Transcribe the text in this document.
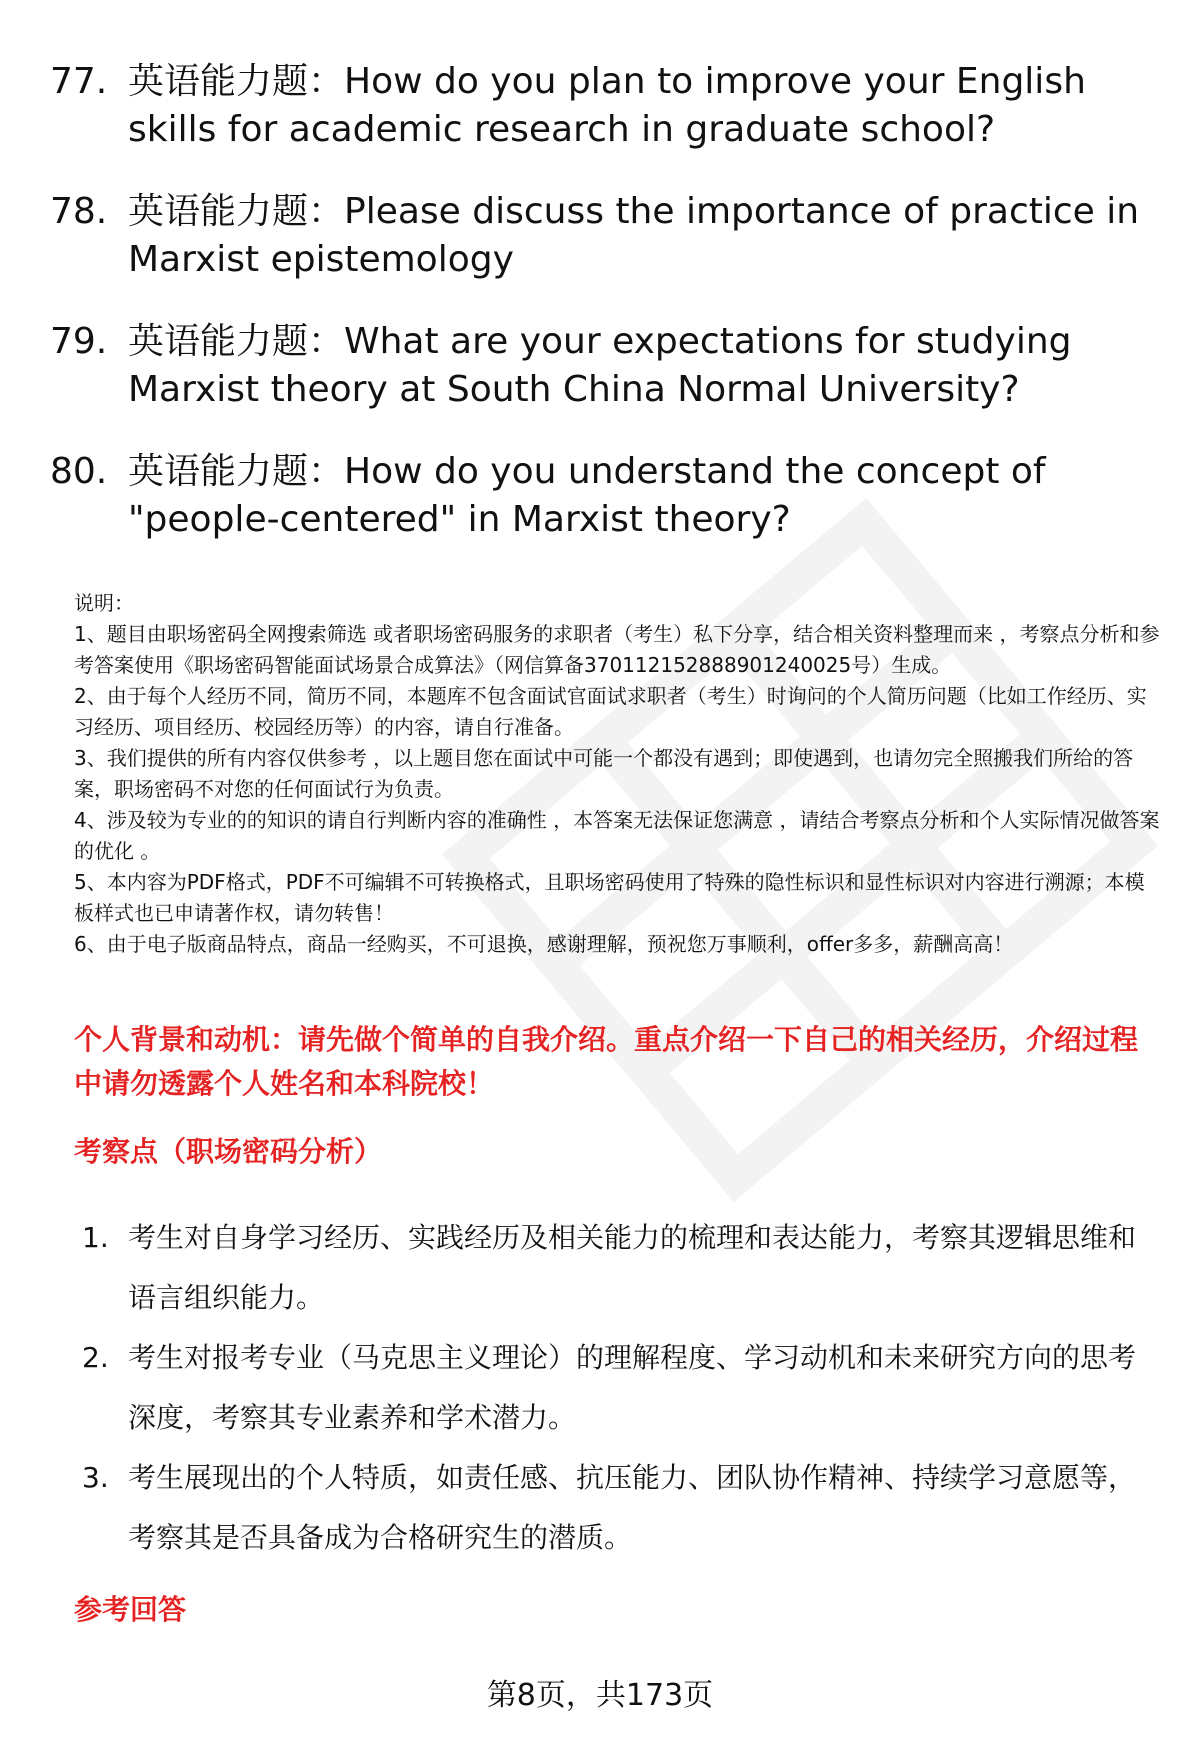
77. 英语能力题：How do you plan to improve your English skills for academic research in graduate school?
78. 英语能力题：Please discuss the importance of practice in Marxist epistemology
79. 英语能力题：What are your expectations for studying Marxist theory at South China Normal University?
80. 英语能力题：How do you understand the concept of "people-centered" in Marxist theory?
说明：
1、题目由职场密码全网搜索筛选 或者职场密码服务的求职者（考生）私下分享，结合相关资料整理而来 ，考察点分析和参考答案使用《职场密码智能面试场景合成算法》（网信算备370112152888901240025号）生成。
2、由于每个人经历不同，简历不同，本题库不包含面试官面试求职者（考生）时询问的个人简历问题（比如工作经历、实习经历、项目经历、校园经历等）的内容，请自行准备。
3、我们提供的所有内容仅供参考 ，以上题目您在面试中可能一个都没有遇到；即使遇到，也请勿完全照搬我们所给的答案，职场密码不对您的任何面试行为负责。
4、涉及较为专业的的知识的请自行判断内容的准确性 ，本答案无法保证您满意 ，请结合考察点分析和个人实际情况做答案的优化 。
5、本内容为PDF格式，PDF不可编辑不可转换格式，且职场密码使用了特殊的隐性标识和显性标识对内容进行溯源；本模板样式也已申请著作权，请勿转售！
6、由于电子版商品特点，商品一经购买，不可退换，感谢理解，预祝您万事顺利，offer多多，薪酬高高！
个人背景和动机：请先做个简单的自我介绍。重点介绍一下自己的相关经历，介绍过程中请勿透露个人姓名和本科院校！
考察点（职场密码分析）
1. 考生对自身学习经历、实践经历及相关能力的梳理和表达能力，考察其逻辑思维和语言组织能力。
2. 考生对报考专业（马克思主义理论）的理解程度、学习动机和未来研究方向的思考深度，考察其专业素养和学术潜力。
3. 考生展现出的个人特质，如责任感、抗压能力、团队协作精神、持续学习意愿等，考察其是否具备成为合格研究生的潜质。
参考回答
第8页，共173页
